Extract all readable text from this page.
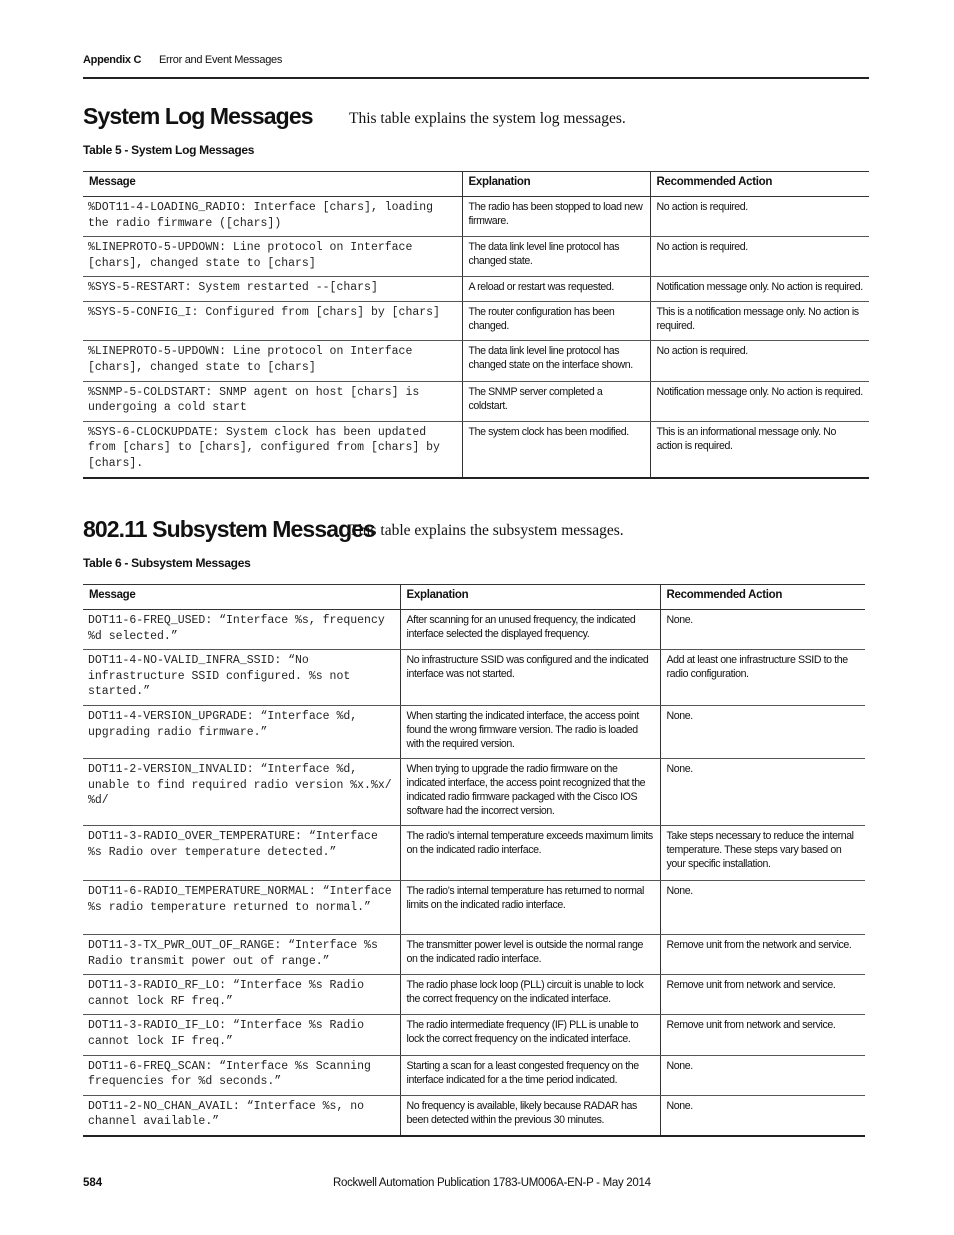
Appendix C Error and Event Messages
System Log Messages This table explains the system log messages.
Table 5 - System Log Messages
Message	Explanation	Recommended Action
%DOT11-4-LOADING_RADIO: Interface [chars], loading the radio firmware ([chars])	The radio has been stopped to load new firmware.	No action is required.
%LINEPROTO-5-UPDOWN: Line protocol on Interface [chars], changed state to [chars]	The data link level line protocol has changed state.	No action is required.
%SYS-5-RESTART: System restarted --[chars]	A reload or restart was requested.	Notification message only. No action is required.
%SYS-5-CONFIG_I: Configured from [chars] by [chars]	The router configuration has been changed.	This is a notification message only. No action is required.
%LINEPROTO-5-UPDOWN: Line protocol on Interface [chars], changed state to [chars]	The data link level line protocol has changed state on the interface shown.	No action is required.
%SNMP-5-COLDSTART: SNMP agent on host [chars] is undergoing a cold start	The SNMP server completed a coldstart.	Notification message only. No action is required.
%SYS-6-CLOCKUPDATE: System clock has been updated from [chars] to [chars], configured from [chars] by [chars].	The system clock has been modified.	This is an informational message only. No action is required.
802.11 Subsystem Messages
This table explains the subsystem messages.
Table 6 - Subsystem Messages
Message	Explanation	Recommended Action
DOT11-6-FREQ_USED: “Interface %s, frequency %d selected.”	After scanning for an unused frequency, the indicated interface selected the displayed frequency.	None.
DOT11-4-NO-VALID_INFRA_SSID: “No infrastructure SSID configured. %s not started.”	No infrastructure SSID was configured and the indicated interface was not started.	Add at least one infrastructure SSID to the radio configuration.
DOT11-4-VERSION_UPGRADE: “Interface %d, upgrading radio firmware.”	When starting the indicated interface, the access point found the wrong firmware version. The radio is loaded with the required version.	None.
DOT11-2-VERSION_INVALID: “Interface %d, unable to find required radio version %x.%x/ %d/	When trying to upgrade the radio firmware on the indicated interface, the access point recognized that the indicated radio firmware packaged with the Cisco IOS software had the incorrect version.	None.
DOT11-3-RADIO_OVER_TEMPERATURE: “Interface %s Radio over temperature detected.”	The radio’s internal temperature exceeds maximum limits on the indicated radio interface.	Take steps necessary to reduce the internal temperature. These steps vary based on your specific installation.
DOT11-6-RADIO_TEMPERATURE_NORMAL: “Interface %s radio temperature returned to normal.”	The radio’s internal temperature has returned to normal limits on the indicated radio interface.	None.
DOT11-3-TX_PWR_OUT_OF_RANGE: “Interface %s Radio transmit power out of range.”	The transmitter power level is outside the normal range on the indicated radio interface.	Remove unit from the network and service.
DOT11-3-RADIO_RF_LO: “Interface %s Radio cannot lock RF freq.”	The radio phase lock loop (PLL) circuit is unable to lock the correct frequency on the indicated interface.	Remove unit from network and service.
DOT11-3-RADIO_IF_LO: “Interface %s Radio cannot lock IF freq.”	The radio intermediate frequency (IF) PLL is unable to lock the correct frequency on the indicated interface.	Remove unit from network and service.
DOT11-6-FREQ_SCAN: “Interface %s Scanning frequencies for %d seconds.”	Starting a scan for a least congested frequency on the interface indicated for a the time period indicated.	None.
DOT11-2-NO_CHAN_AVAIL: “Interface %s, no channel available.”	No frequency is available, likely because RADAR has been detected within the previous 30 minutes.	None.
584	Rockwell Automation Publication 1783-UM006A-EN-P - May 2014
